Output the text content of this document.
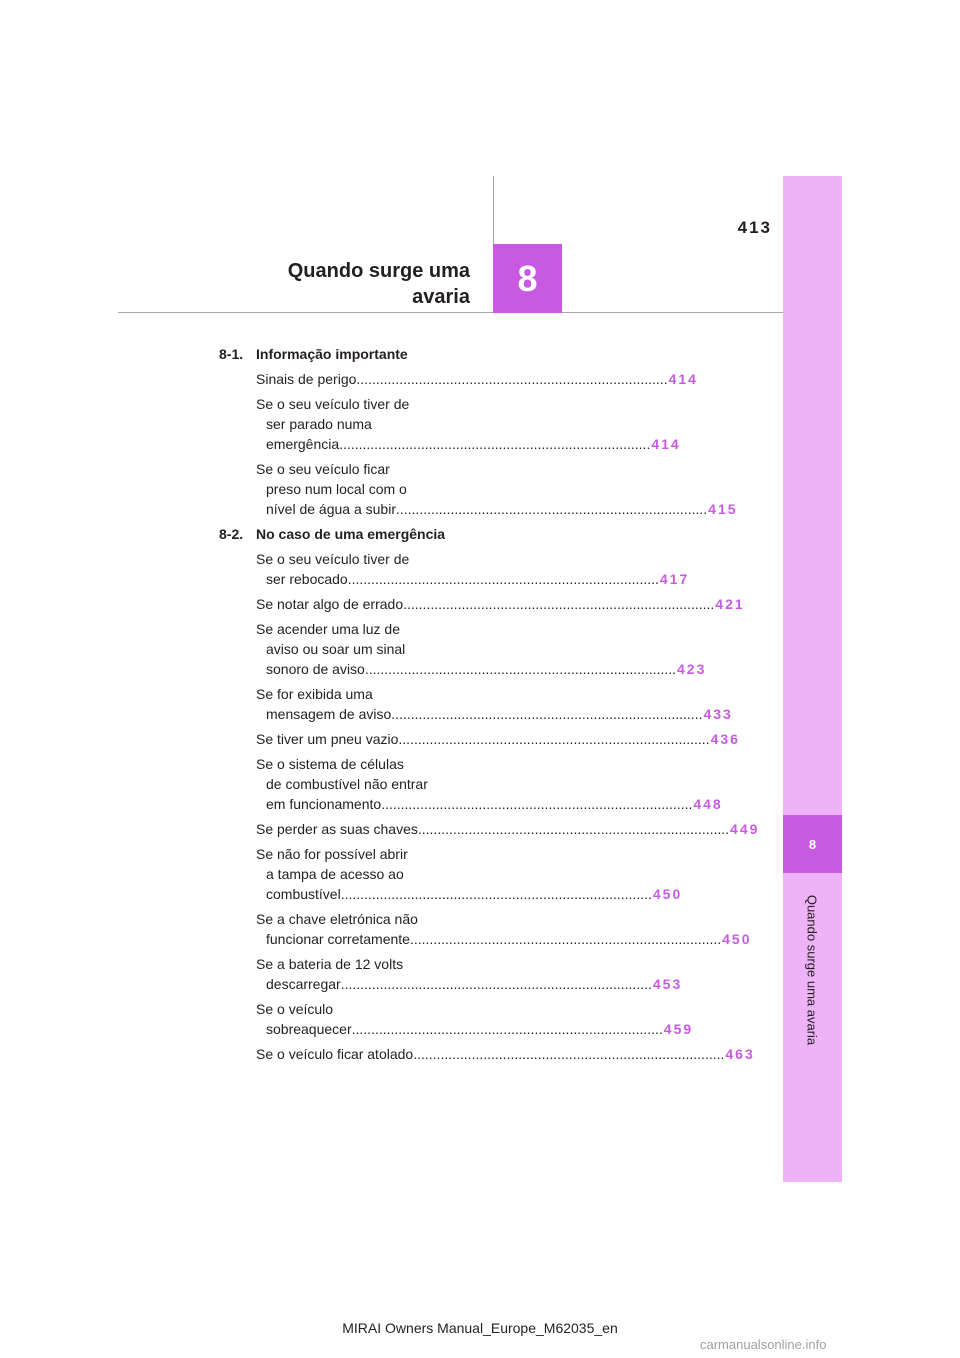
8
Quando surge uma avaria
413
8
Quando surge uma
avaria
8-1. Informação importante
Sinais de perigo ................................................................................ 414
Se o seu veículo tiver de
ser parado numa
emergência ................................................................................ 414
Se o seu veículo ficar
preso num local com o
nível de água a subir ................................................................................ 415
8-2. No caso de uma emergência
Se o seu veículo tiver de
ser rebocado ................................................................................ 417
Se notar algo de errado ................................................................................ 421
Se acender uma luz de
aviso ou soar um sinal
sonoro de aviso ................................................................................ 423
Se for exibida uma
mensagem de aviso ................................................................................ 433
Se tiver um pneu vazio ................................................................................ 436
Se o sistema de células
de combustível não entrar
em funcionamento ................................................................................ 448
Se perder as suas chaves ................................................................................ 449
Se não for possível abrir
a tampa de acesso ao
combustível ................................................................................ 450
Se a chave eletrónica não
funcionar corretamente ................................................................................ 450
Se a bateria de 12 volts
descarregar ................................................................................ 453
Se o veículo
sobreaquecer ................................................................................ 459
Se o veículo ficar atolado ................................................................................ 463
MIRAI Owners Manual_Europe_M62035_en
carmanualsonline.info
